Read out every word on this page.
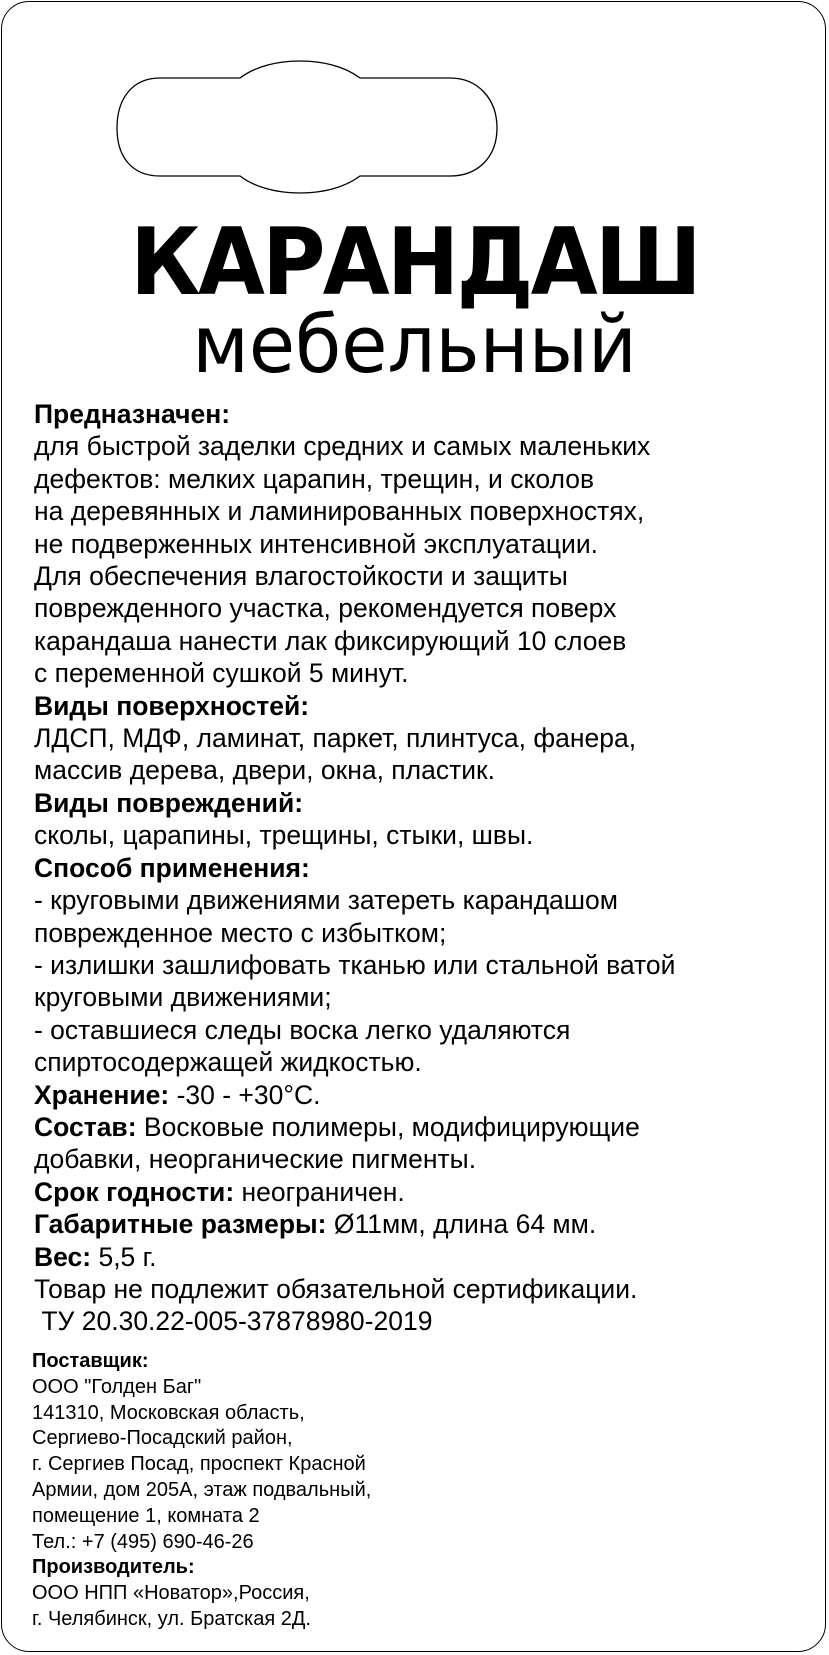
КАРАНДАШ
мебельный

Предназначен:

для быстрой заделки средних и самых маленьких

дефектов: мелких царапин, трещин, и сколов

на деревянных и ламинированных поверхностях,

не подверженных интенсивной эксплуатации.

Для обеспечения влагостойкости и защиты

поврежденного участка, рекомендуется поверх

карандаша нанести лак фиксирующий 10 слоев

с переменной сушкой 5 минут.

Виды поверхностей:

ЛДСП, МДФ, ламинат, паркет, плинтуса, фанера,

массив дерева, двери, окна, пластик.

Виды повреждений:

сколы, царапины, трещины, стыки, швы.

Способ применения:

- круговыми движениями затереть карандашом

поврежденное место с избытком;

- излишки зашлифовать тканью или стальной ватой

круговыми движениями;

- оставшиеся следы воска легко удаляются

спиртосодержащей жидкостью.

Хранение: -30 - +30°С.

Состав: Восковые полимеры, модифицирующие

добавки, неорганические пигменты.

Срок годности: неограничен.

Габаритные размеры: Ø11мм, длина 64 мм.

Вес: 5,5 г.

Товар не подлежит обязательной сертификации.

ТУ 20.30.22-005-37878980-2019

Поставщик:

ООО "Голден Баг"

141310, Московская область,

Сергиево-Посадский район,

г. Сергиев Посад, проспект Красной

Армии, дом 205А, этаж подвальный,

помещение 1, комната 2

Тел.: +7 (495) 690-46-26

Производитель:

ООО НПП «Новатор»,Россия,

г. Челябинск, ул. Братская 2Д.
